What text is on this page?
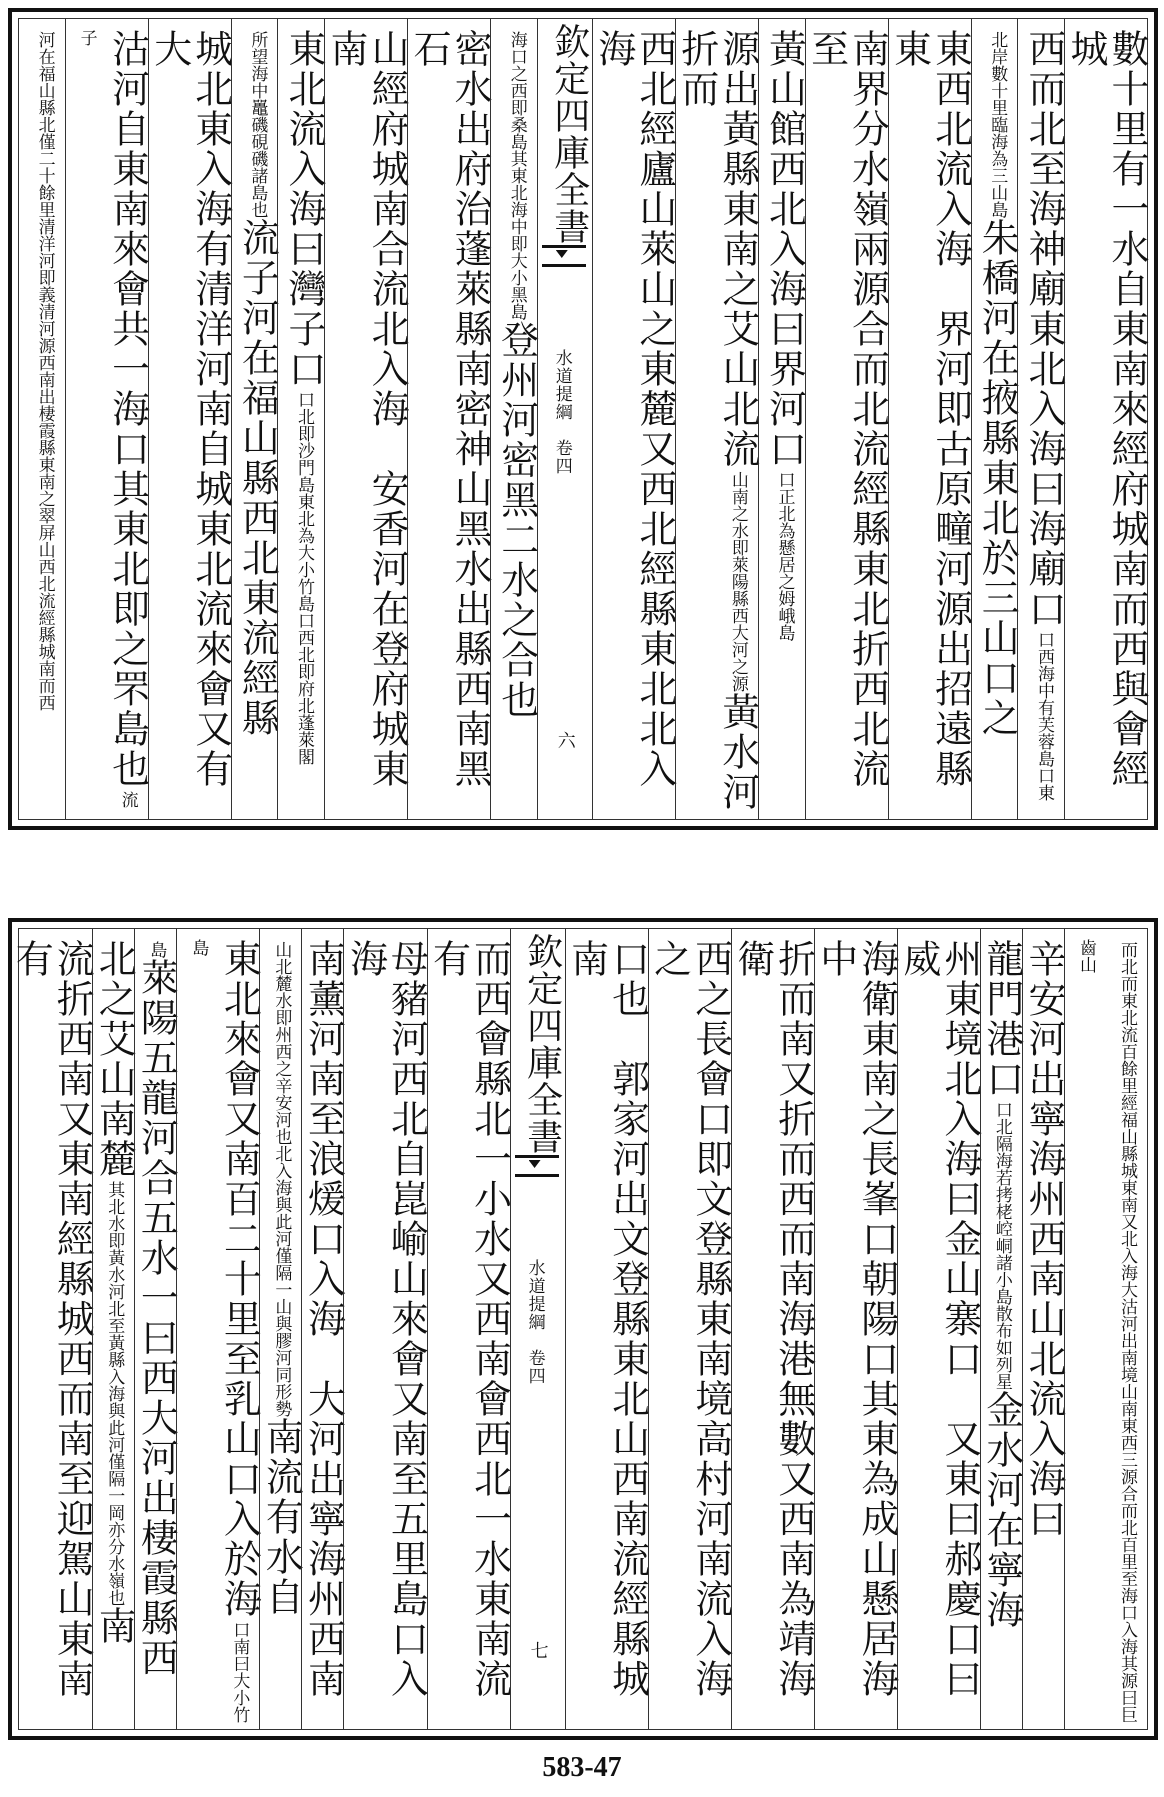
數十里有一水自東南來經府城南而西與會經城
西而北至海神廟東北入海曰海廟口口西海中有芙蓉島口東
北岸數十里臨海為三山島朱橋河在掖縣東北於三山口之
東西北流入海　界河即古原疃河源出招遠縣東
南界分水嶺兩源合而北流經縣東北折西北流至
黃山館西北入海曰界河口口正北為懸居之姆峨島
源出黃縣東南之艾山北流山南之水即萊陽縣西大河之源黃水河折而
西北經廬山萊山之東麓又西北經縣東北北入海
欽定四庫全書
水道提綱　卷四
六
海口之西即桑島其東北海中即大小黑島登州河密黑二水之合也
密水出府治蓬萊縣南密神山黑水出縣西南黑石
山經府城南合流北入海　安香河在登府城東南
東北流入海曰灣子口口北即沙門島東北為大小竹島口西北即府北蓬萊閣
所望海中鼉磯硯磯諸島也流子河在福山縣西北東流經縣
城北東入海有清洋河南自城東北流來會又有大
沽河自東南來會共一海口其東北即之罘島也流子
河在福山縣北僅二十餘里清洋河即義清河源西南出棲霞縣東南之翠屏山西北流經縣城南而西
而北而東北流百餘里經福山縣城東南又北入海大沽河出南境山南東西三源合而北百里至海口入海其源曰巨齒山
辛安河出寧海州西南山北流入海曰
龍門港口口北隔海若拷栳崆峒諸小島散布如列星金水河在寧海
州東境北入海曰金山寨口　又東曰郝慶口曰威
海衛東南之長峯口朝陽口其東為成山懸居海中
折而南又折而西而南海港無數又西南為靖海衛
西之長會口即文登縣東南境高村河南流入海之
口也　郭家河出文登縣東北山西南流經縣城南
欽定四庫全書
水道提綱　卷四
七
而西會縣北一小水又西南會西北一水東南流有
母豬河西北自崑崳山來會又南至五里島口入海
南薰河南至浪煖口入海　大河出寧海州西南
山北麓水即州西之辛安河也北入海與此河僅隔一山與膠河同形勢南流有水自
東北來會又南百二十里至乳山口入於海口南曰大小竹島
島萊陽五龍河合五水一曰西大河出棲霞縣西
北之艾山南麓其北水即黃水河北至黃縣入海與此河僅隔一岡亦分水嶺也南
流折西南又東南經縣城西而南至迎駕山東南有
583-47
